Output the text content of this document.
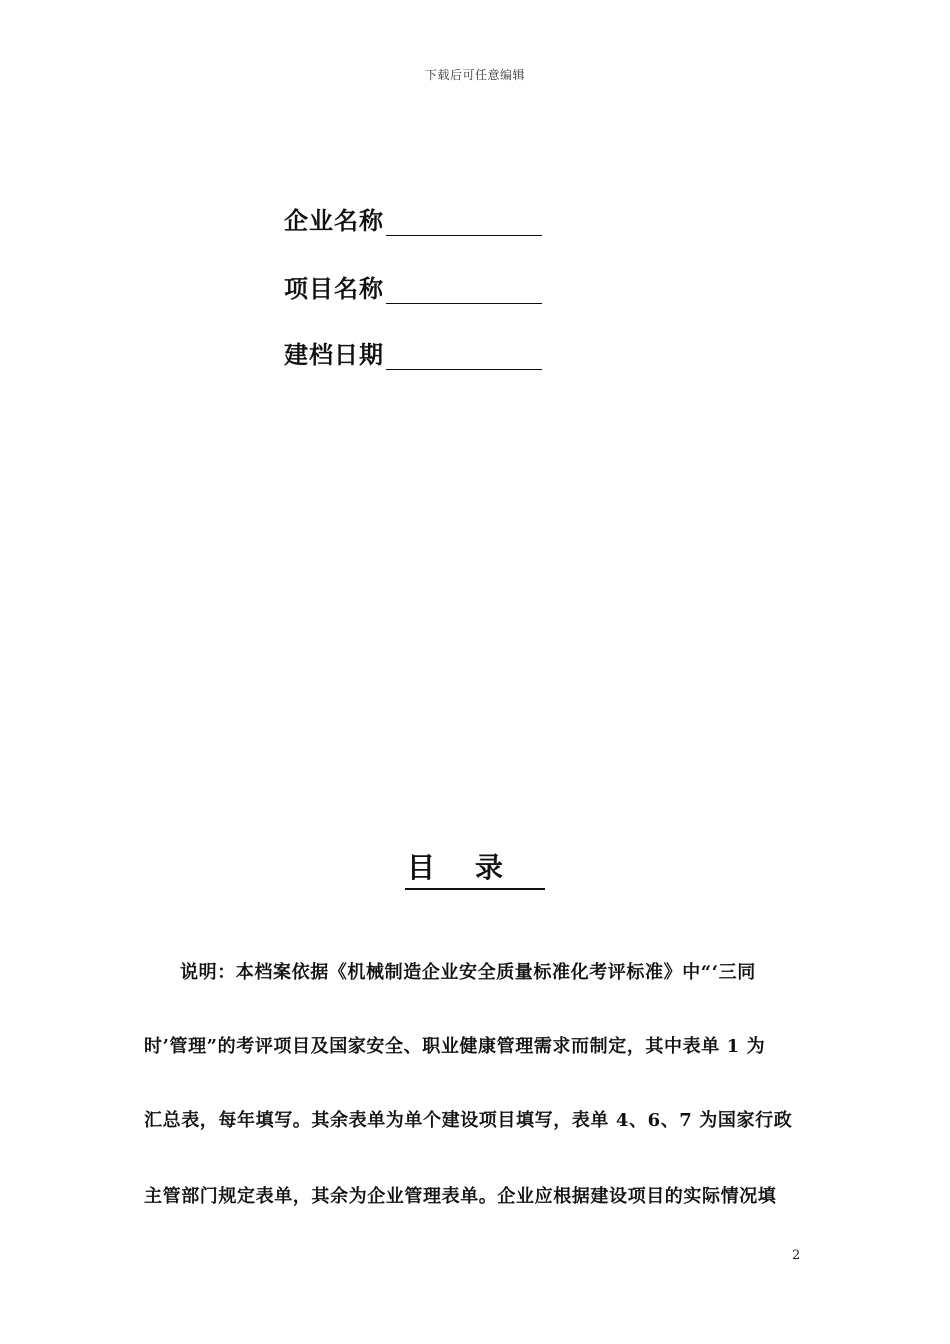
下载后可任意编辑
企业名称
项目名称
建档日期
目录
说明：本档案依据《机械制造企业安全质量标准化考评标准》中“‘三同
时’管理”的考评项目及国家安全、职业健康管理需求而制定，其中表单 1 为
汇总表，每年填写。其余表单为单个建设项目填写，表单 4、6、7 为国家行政
主管部门规定表单，其余为企业管理表单。企业应根据建设项目的实际情况填
2
